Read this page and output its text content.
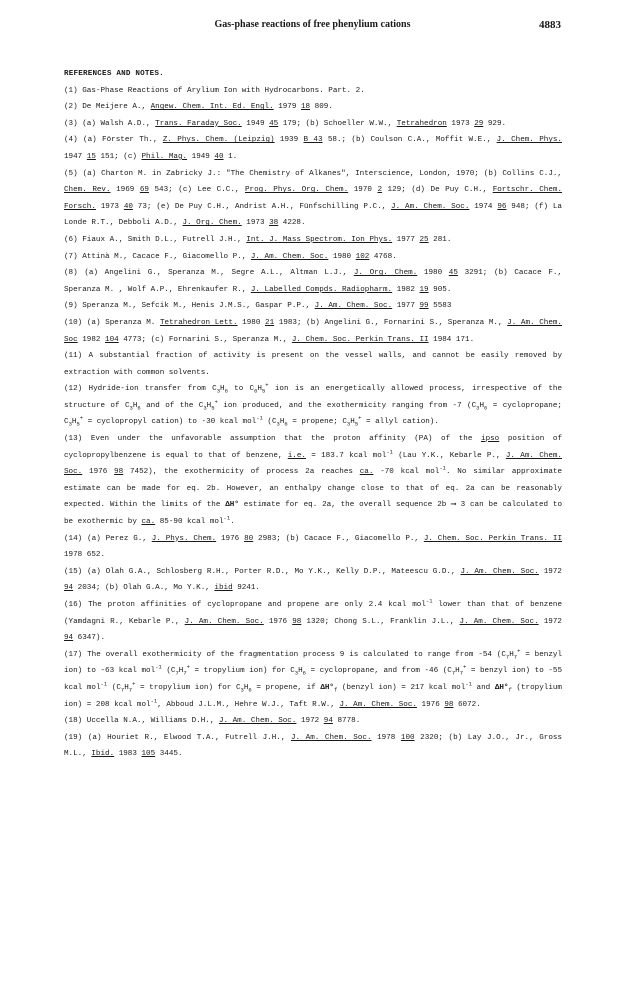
Gas-phase reactions of free phenylium cations	4883

REFERENCES AND NOTES.

(1) Gas-Phase Reactions of Arylium Ion with Hydrocarbons. Part. 2.
(2) De Meijere A., Angew. Chem. Int. Ed. Engl. 1979 18 809.
(3) (a) Walsh A.D., Trans. Faraday Soc. 1949 45 179; (b) Schoeller W.W., Tetrahedron 1973 29 929.
(4) (a) Förster Th., Z. Phys. Chem. (Leipzig) 1939 B 43 58.; (b) Coulson C.A., Moffit W.E., J. Chem. Phys. 1947 15 151; (c) Phil. Mag. 1949 40 1.
(5) (a) Charton M. in Zabricky J.: "The Chemistry of Alkanes", Interscience, London, 1970; (b) Collins C.J., Chem. Rev. 1969 69 543; (c) Lee C.C., Prog. Phys. Org. Chem. 1970 2 129; (d) De Puy C.H., Fortschr. Chem. Forsch. 1973 40 73; (e) De Puy C.H., Andrist A.H., Fünfschilling P.C., J. Am. Chem. Soc. 1974 96 948; (f) La Londe R.T., Debboli A.D., J. Org. Chem. 1973 38 4228.
(6) Fiaux A., Smith D.L., Futrell J.H., Int. J. Mass Spectrom. Ion Phys. 1977 25 281.
(7) Attinà M., Cacace F., Giacomello P., J. Am. Chem. Soc. 1980 102 4768.
(8) (a) Angelini G., Speranza M., Segre A.L., Altman L.J., J. Org. Chem. 1980 45 3291; (b) Cacace F., Speranza M. , Wolf A.P., Ehrenkaufer R., J. Labelled Compds. Radiopharm. 1982 19 905.
(9) Speranza M., Sefcik M., Henis J.M.S., Gaspar P.P., J. Am. Chem. Soc. 1977 99 5583
(10) (a) Speranza M. Tetrahedron Lett. 1980 21 1983; (b) Angelini G., Fornarini S., Speranza M., J. Am. Chem. Soc 1982 104 4773; (c) Fornarini S., Speranza M., J. Chem. Soc. Perkin Trans. II 1984 171.
(11) A substantial fraction of activity is present on the vessel walls, and cannot be easily removed by extraction with common solvents.
(12) Hydride-ion transfer from $C_3H_6$ to $C_6H_5^+$ ion is an energetically allowed process, irrespective of the structure of $C_3H_6$ and of the $C_3H_5^+$ ion produced, and the exothermicity ranging from -7 ($C_3H_6$ = cyclopropane; $C_3H_5^+$ = cyclopropyl cation) to -30 kcal mol$^{-1}$ ($C_3H_6$ = propene; $C_3H_5^+$ = allyl cation).
(13) Even under the unfavorable assumption that the proton affinity (PA) of the ipso position of cyclopropylbenzene is equal to that of benzene, i.e. = 183.7 kcal mol$^{-1}$ (Lau Y.K., Kebarle P., J. Am. Chem. Soc. 1976 98 7452), the exothermicity of process 2a reaches ca. -70 kcal mol$^{-1}$. No similar approximate estimate can be made for eq. 2b. However, an enthalpy change close to that of eq. 2a can be reasonably expected. Within the limits of the ΔH° estimate for eq. 2a, the overall sequence 2b ⟶ 3 can be calculated to be exothermic by ca. 85-90 kcal mol$^{-1}$.
(14) (a) Perez G., J. Phys. Chem. 1976 80 2983; (b) Cacace F., Giacomello P., J. Chem. Soc. Perkin Trans. II 1978 652.
(15) (a) Olah G.A., Schlosberg R.H., Porter R.D., Mo Y.K., Kelly D.P., Mateescu G.D., J. Am. Chem. Soc. 1972 94 2034; (b) Olah G.A., Mo Y.K., ibid 9241.
(16) The proton affinities of cyclopropane and propene are only 2.4 kcal mol$^{-1}$ lower than that of benzene (Yamdagni R., Kebarle P., J. Am. Chem. Soc. 1976 98 1320; Chong S.L., Franklin J.L., J. Am. Chem. Soc. 1972 94 6347).
(17) The overall exothermicity of the fragmentation process 9 is calculated to range from -54 ($C_7H_7^+$ = benzyl ion) to -63 kcal mol$^{-1}$ ($C_7H_7^+$ = tropylium ion) for $C_3H_6$ = cyclopropane, and from -46 ($C_7H_7^+$ = benzyl ion) to -55 kcal mol$^{-1}$ ($C_7H_7^+$ = tropylium ion) for $C_3H_6$ = propene, if $\Delta H^\circ_f$ (benzyl ion) = 217 kcal mol$^{-1}$ and $\Delta H^\circ_f$ (tropylium ion) = 208 kcal mol$^{-1}$, Abboud J.L.M., Hehre W.J., Taft R.W., J. Am. Chem. Soc. 1976 98 6072.
(18) Uccella N.A., Williams D.H., J. Am. Chem. Soc. 1972 94 8778.
(19) (a) Houriet R., Elwood T.A., Futrell J.H., J. Am. Chem. Soc. 1978 100 2320; (b) Lay J.O., Jr., Gross M.L., Ibid. 1983 105 3445.
